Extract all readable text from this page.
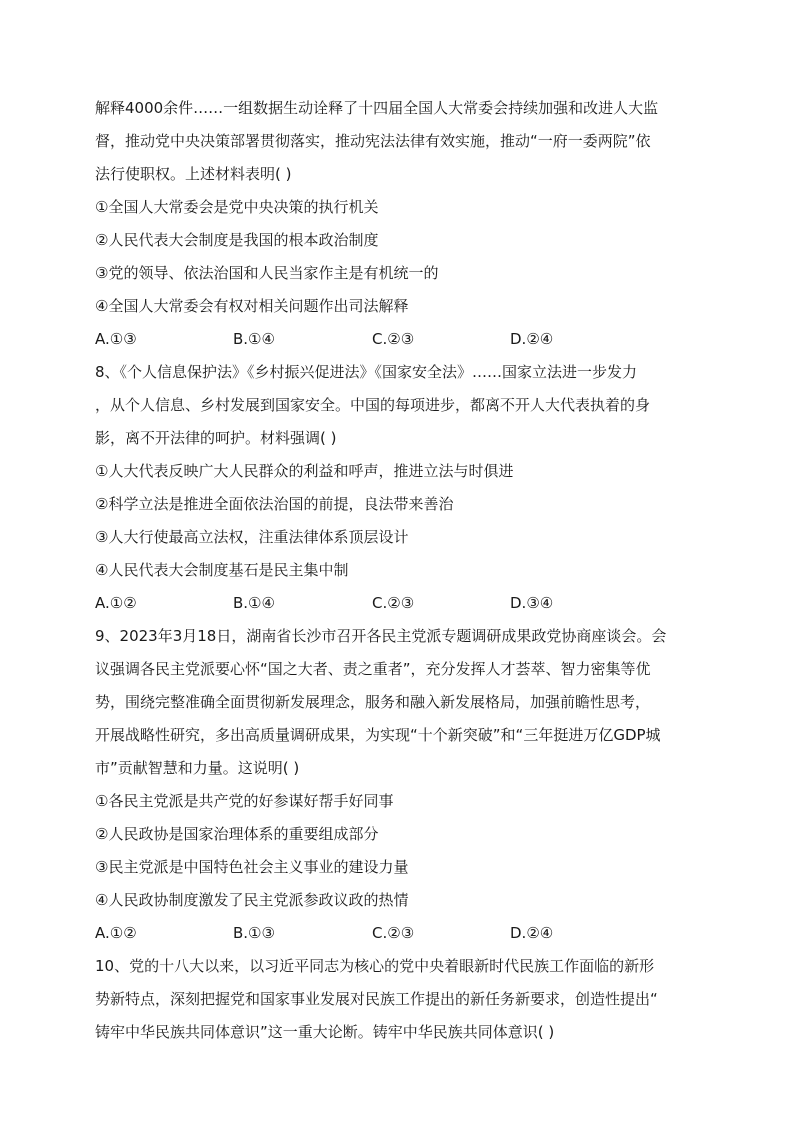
解释4000余件……一组数据生动诠释了十四届全国人大常委会持续加强和改进人大监
督，推动党中央决策部署贯彻落实，推动宪法法律有效实施，推动“一府一委两院”依
法行使职权。上述材料表明( )
①全国人大常委会是党中央决策的执行机关
②人民代表大会制度是我国的根本政治制度
③党的领导、依法治国和人民当家作主是有机统一的
④全国人大常委会有权对相关问题作出司法解释
A.①③	B.①④	C.②③	D.②④
8、《个人信息保护法》《乡村振兴促进法》《国家安全法》……国家立法进一步发力
，从个人信息、乡村发展到国家安全。中国的每项进步，都离不开人大代表执着的身
影，离不开法律的呵护。材料强调( )
①人大代表反映广大人民群众的利益和呼声，推进立法与时俱进
②科学立法是推进全面依法治国的前提，良法带来善治
③人大行使最高立法权，注重法律体系顶层设计
④人民代表大会制度基石是民主集中制
A.①②	B.①④	C.②③	D.③④
9、2023年3月18日，湖南省长沙市召开各民主党派专题调研成果政党协商座谈会。会
议强调各民主党派要心怀“国之大者、责之重者”，充分发挥人才荟萃、智力密集等优
势，围绕完整准确全面贯彻新发展理念，服务和融入新发展格局，加强前瞻性思考，
开展战略性研究，多出高质量调研成果，为实现“十个新突破”和“三年挺进万亿GDP城
市”贡献智慧和力量。这说明( )
①各民主党派是共产党的好参谋好帮手好同事
②人民政协是国家治理体系的重要组成部分
③民主党派是中国特色社会主义事业的建设力量
④人民政协制度激发了民主党派参政议政的热情
A.①②	B.①③	C.②③	D.②④
10、党的十八大以来，以习近平同志为核心的党中央着眼新时代民族工作面临的新形
势新特点，深刻把握党和国家事业发展对民族工作提出的新任务新要求，创造性提出“
铸牢中华民族共同体意识”这一重大论断。铸牢中华民族共同体意识( )
